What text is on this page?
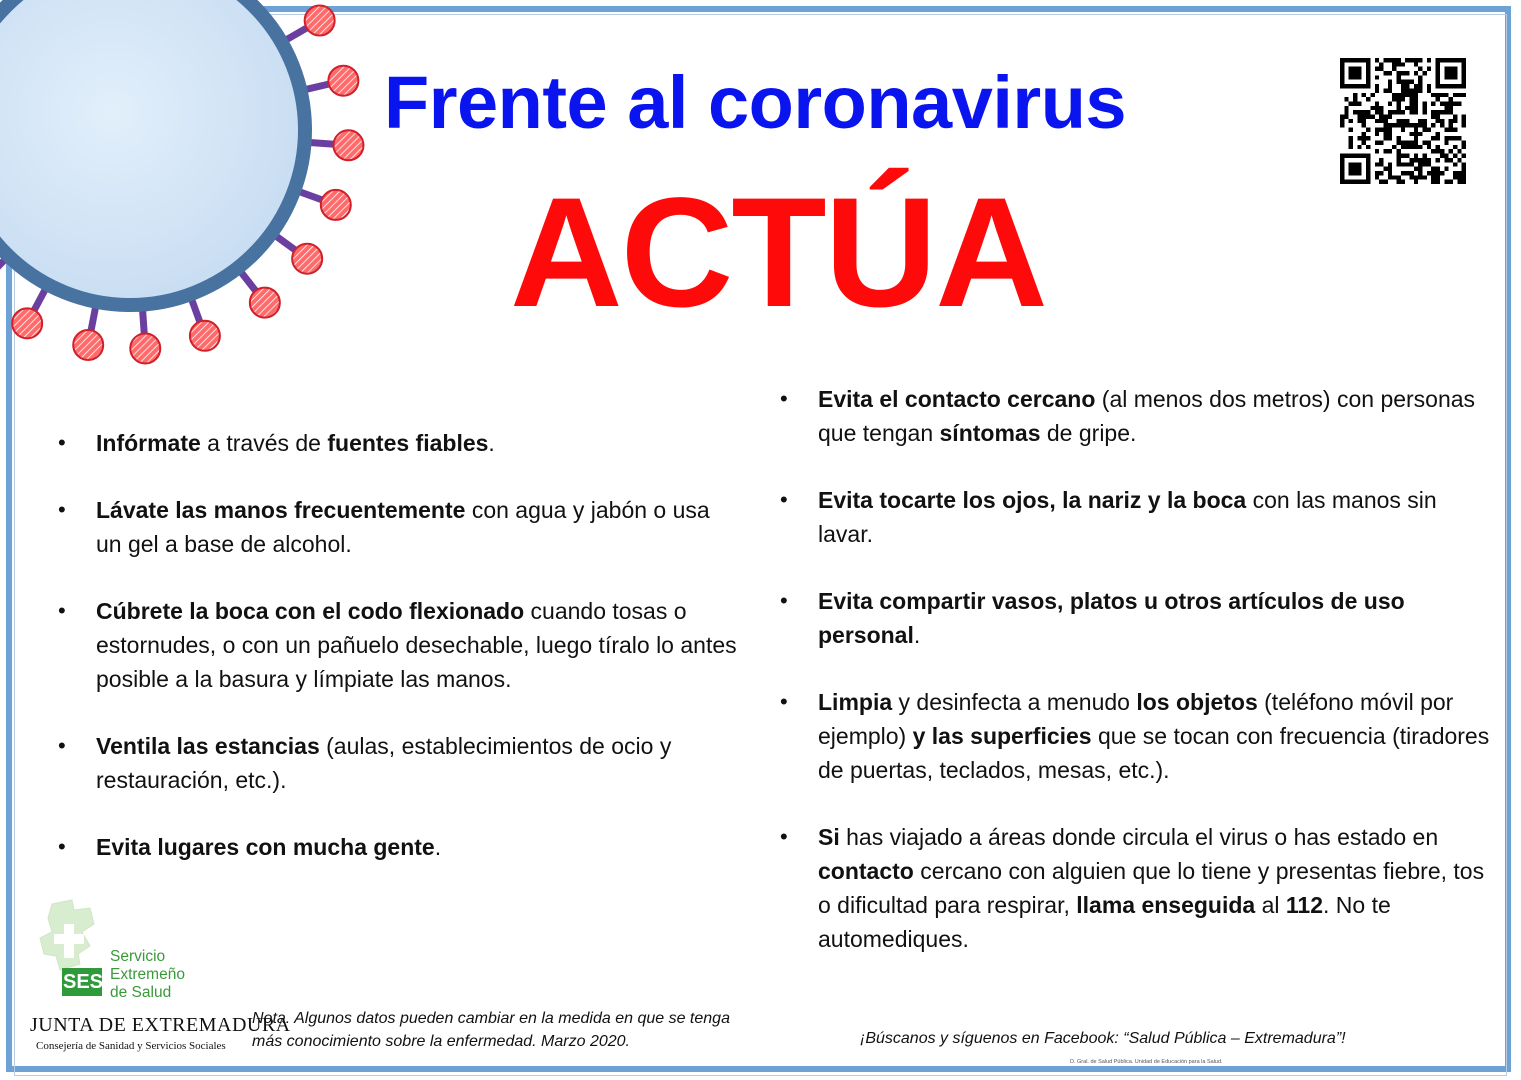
Frente al coronavirus
ACTÚA
• Infórmate a través de fuentes fiables.
• Lávate las manos frecuentemente con agua y jabón o usa un gel a base de alcohol.
• Cúbrete la boca con el codo flexionado cuando tosas o estornudes, o con un pañuelo desechable, luego tíralo lo antes posible a la basura y límpiate las manos.
• Ventila las estancias (aulas, establecimientos de ocio y restauración, etc.).
• Evita lugares con mucha gente.
• Evita el contacto cercano (al menos dos metros) con personas que tengan síntomas de gripe.
• Evita tocarte los ojos, la nariz y la boca con las manos sin lavar.
• Evita compartir vasos, platos u otros artículos de uso personal.
• Limpia y desinfecta a menudo los objetos (teléfono móvil por ejemplo) y las superficies que se tocan con frecuencia (tiradores de puertas, teclados, mesas, etc.).
• Si has viajado a áreas donde circula el virus o has estado en contacto cercano con alguien que lo tiene y presentas fiebre, tos o dificultad para respirar, llama enseguida al 112. No te automediques.
SES
Servicio
Extremeño
de Salud
JUNTA DE EXTREMADURA
Consejería de Sanidad y Servicios Sociales
Nota. Algunos datos pueden cambiar en la medida en que se tenga más conocimiento sobre la enfermedad. Marzo 2020.	¡Búscanos y síguenos en Facebook: “Salud Pública – Extremadura”!
D. Gral. de Salud Pública. Unidad de Educación para la Salud.
